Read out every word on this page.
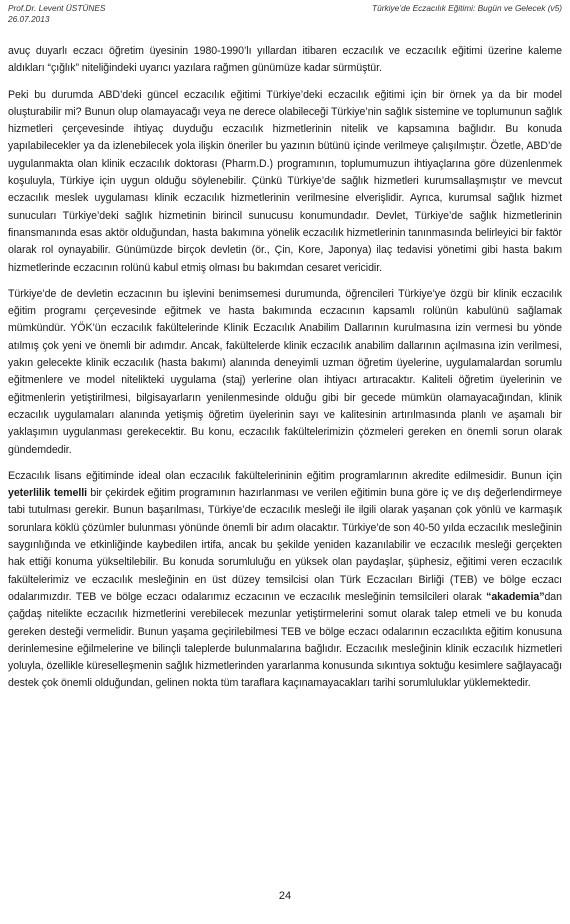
Prof.Dr. Levent ÜSTÜNES
26.07.2013
Türkiye’de Eczacılık Eğitimi: Bugün ve Gelecek (v5)

avuç duyarlı eczacı öğretim üyesinin 1980-1990’lı yıllardan itibaren eczacılık ve eczacılık eğitimi üzerine kaleme aldıkları “çığlık” niteliğindeki uyarıcı yazılara rağmen günümüze kadar sürmüştür.

Peki bu durumda ABD’deki güncel eczacılık eğitimi Türkiye’deki eczacılık eğitimi için bir örnek ya da bir model oluşturabilir mi? Bunun olup olamayacağı veya ne derece olabileceği Türkiye’nin sağlık sistemine ve toplumunun sağlık hizmetleri çerçevesinde ihtiyaç duyduğu eczacılık hizmetlerinin nitelik ve kapsamına bağlıdır. Bu konuda yapılabilecekler ya da izlenebilecek yola ilişkin öneriler bu yazının bütünü içinde verilmeye çalışılmıştır. Özetle, ABD’de uygulanmakta olan klinik eczacılık doktorası (Pharm.D.) programının, toplumumuzun ihtiyaçlarına göre düzenlenmek koşuluyla, Türkiye için uygun olduğu söylenebilir. Çünkü Türkiye’de sağlık hizmetleri kurumsallaşmıştır ve mevcut eczacılık meslek uygulaması klinik eczacılık hizmetlerinin verilmesine elverişlidir. Ayrıca, kurumsal sağlık hizmet sunucuları Türkiye’deki sağlık hizmetinin birincil sunucusu konumundadır. Devlet, Türkiye’de sağlık hizmetlerinin finansmanında esas aktör olduğundan, hasta bakımına yönelik eczacılık hizmetlerinin tanınmasında belirleyici bir faktör olarak rol oynayabilir. Günümüzde birçok devletin (ör., Çin, Kore, Japonya) ilaç tedavisi yönetimi gibi hasta bakım hizmetlerinde eczacının rolünü kabul etmiş olması bu bakımdan cesaret vericidir.

Türkiye’de de devletin eczacının bu işlevini benimsemesi durumunda, öğrencileri Türkiye’ye özgü bir klinik eczacılık eğitim programı çerçevesinde eğitmek ve hasta bakımında eczacının kapsamlı rolünün kabulünü sağlamak mümkündür. YÖK’ün eczacılık fakültelerinde Klinik Eczacılık Anabilim Dallarının kurulmasına izin vermesi bu yönde atılmış çok yeni ve önemli bir adımdır. Ancak, fakültelerde klinik eczacılık anabilim dallarının açılmasına izin verilmesi, yakın gelecekte klinik eczacılık (hasta bakımı) alanında deneyimli uzman öğretim üyelerine, uygulamalardan sorumlu eğitmenlere ve model nitelikteki uygulama (staj) yerlerine olan ihtiyacı artıracaktır. Kaliteli öğretim üyelerinin ve eğitmenlerin yetiştirilmesi, bilgisayarların yenilenmesinde olduğu gibi bir gecede mümkün olamayacağından, klinik eczacılık uygulamaları alanında yetişmiş öğretim üyelerinin sayı ve kalitesinin artırılmasında planlı ve aşamalı bir yaklaşımın uygulanması gerekecektir. Bu konu, eczacılık fakültelerimizin çözmeleri gereken en önemli sorun olarak gündemdedir.

Eczacılık lisans eğitiminde ideal olan eczacılık fakültelerininin eğitim programlarının akredite edilmesidir. Bunun için yeterlilik temelli bir çekirdek eğitim programının hazırlanması ve verilen eğitimin buna göre iç ve dış değerlendirmeye tabi tutulması gerekir. Bunun başarılması, Türkiye’de eczacılık mesleği ile ilgili olarak yaşanan çok yönlü ve karmaşık sorunlara köklü çözümler bulunması yönünde önemli bir adım olacaktır. Türkiye’de son 40-50 yılda eczacılık mesleğinin saygınlığında ve etkinliğinde kaybedilen irtifa, ancak bu şekilde yeniden kazanılabilir ve eczacılık mesleği gerçekten hak ettiği konuma yükseltilebilir. Bu konuda sorumluluğu en yüksek olan paydaşlar, şüphesiz, eğitimi veren eczacılık fakültelerimiz ve eczacılık mesleğinin en üst düzey temsilcisi olan Türk Eczacıları Birliği (TEB) ve bölge eczacı odalarımızdır. TEB ve bölge eczacı odalarımız eczacının ve eczacılık mesleğinin temsilcileri olarak “akademia”dan çağdaş nitelikte eczacılık hizmetlerini verebilecek mezunlar yetiştirmelerini somut olarak talep etmeli ve bu konuda gereken desteği vermelidir. Bunun yaşama geçirilebilmesi TEB ve bölge eczacı odalarının eczacılıkta eğitim konusuna derinlemesine eğilmelerine ve bilinçli taleplerde bulunmalarına bağlıdır. Eczacılık mesleğinin klinik eczacılık hizmetleri yoluyla, özellikle küreselleşmenin sağlık hizmetlerinden yararlanma konusunda sıkıntıya soktuğu kesimlere sağlayacağı destek çok önemli olduğundan, gelinen nokta tüm taraflara kaçınamayacakları tarihi sorumluluklar yüklemektedir.

24
